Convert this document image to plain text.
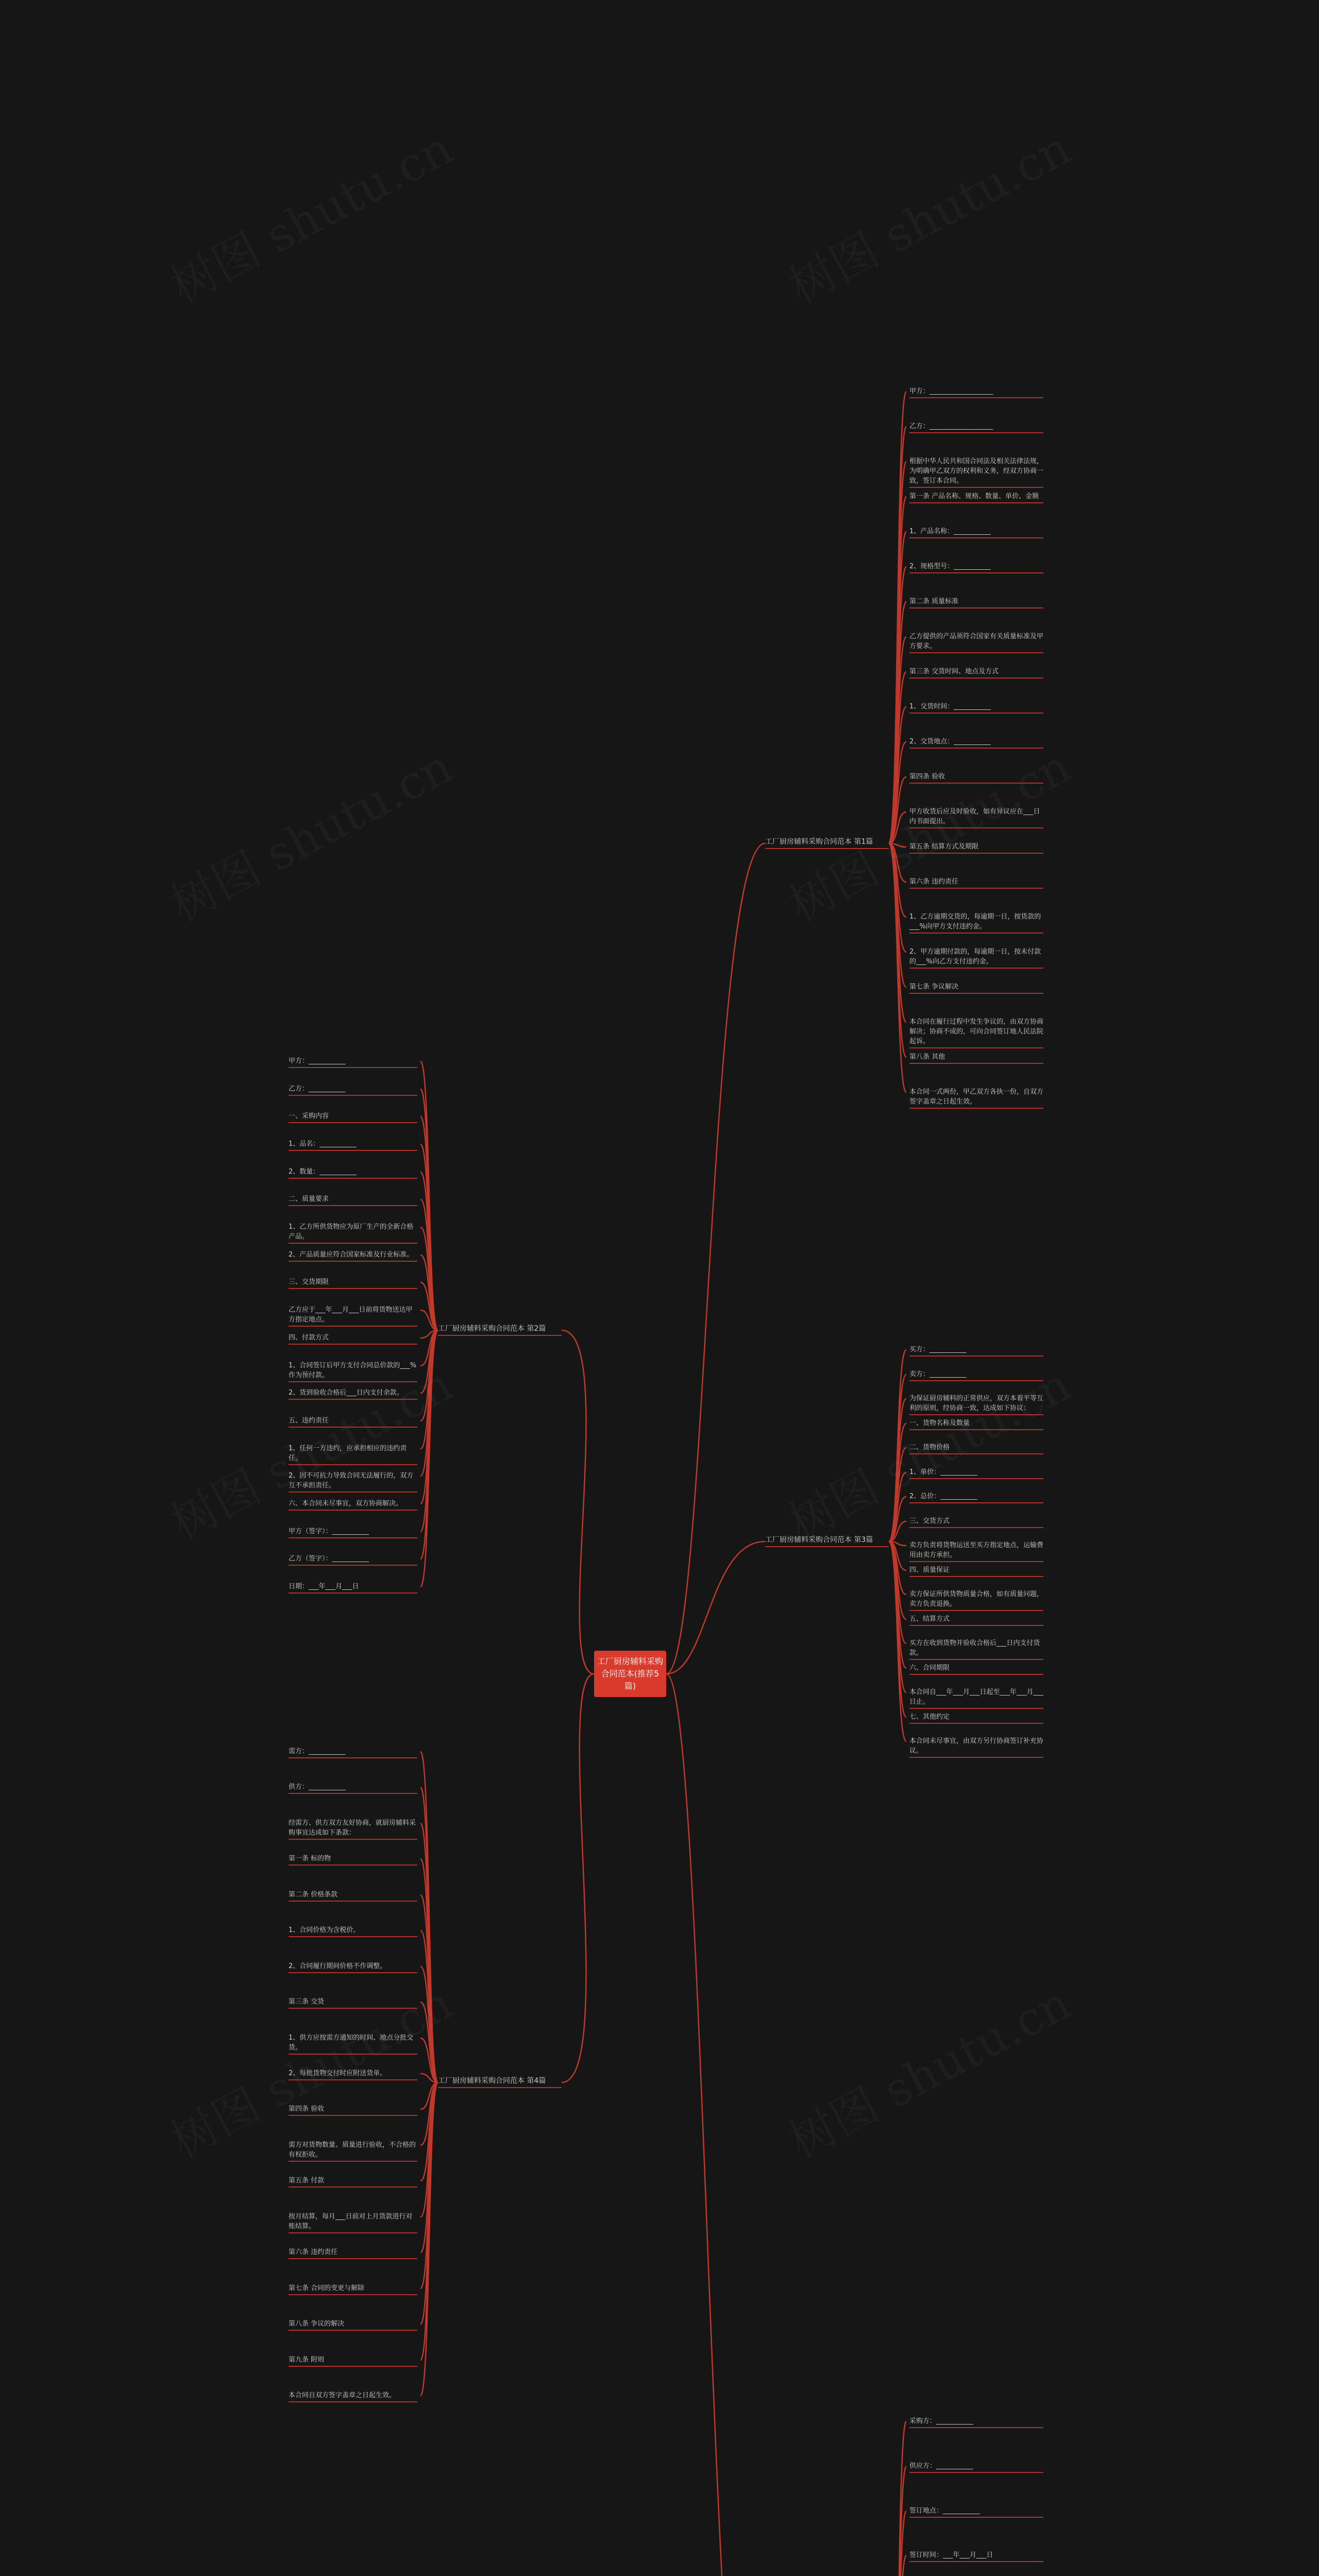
工厂厨房辅料采购合同范本(推荐5篇)
工厂厨房辅料采购合同范本 第1篇
甲方：___________________
乙方：___________________
根据中华人民共和国合同法及相关法律法规，为明确甲乙双方的权利和义务，经双方协商一致，签订本合同。
第一条 产品名称、规格、数量、单价、金额
1、产品名称：___________
2、规格型号：___________
第二条 质量标准
乙方提供的产品须符合国家有关质量标准及甲方要求。
第三条 交货时间、地点及方式
1、交货时间：___________
2、交货地点：___________
第四条 验收
甲方收货后应及时验收，如有异议应在___日内书面提出。
第五条 结算方式及期限
第六条 违约责任
1、乙方逾期交货的，每逾期一日，按货款的___%向甲方支付违约金。
2、甲方逾期付款的，每逾期一日，按未付款的___%向乙方支付违约金。
第七条 争议解决
本合同在履行过程中发生争议的，由双方协商解决；协商不成的，可向合同签订地人民法院起诉。
第八条 其他
本合同一式两份，甲乙双方各执一份，自双方签字盖章之日起生效。
工厂厨房辅料采购合同范本 第2篇
甲方：___________
乙方：___________
一、采购内容
1、品名：___________
2、数量：___________
二、质量要求
1、乙方所供货物应为原厂生产的全新合格产品。
2、产品质量应符合国家标准及行业标准。
三、交货期限
乙方应于___年___月___日前将货物送达甲方指定地点。
四、付款方式
1、合同签订后甲方支付合同总价款的___%作为预付款。
2、货到验收合格后___日内支付余款。
五、违约责任
1、任何一方违约，应承担相应的违约责任。
2、因不可抗力导致合同无法履行的，双方互不承担责任。
六、本合同未尽事宜，双方协商解决。
甲方（签字）：___________
乙方（签字）：___________
日期：___年___月___日
工厂厨房辅料采购合同范本 第3篇
买方：___________
卖方：___________
为保证厨房辅料的正常供应，双方本着平等互利的原则，经协商一致，达成如下协议：
一、货物名称及数量
二、货物价格
1、单价：___________
2、总价：___________
三、交货方式
卖方负责将货物运送至买方指定地点，运输费用由卖方承担。
四、质量保证
卖方保证所供货物质量合格，如有质量问题，卖方负责退换。
五、结算方式
买方在收到货物并验收合格后___日内支付货款。
六、合同期限
本合同自___年___月___日起至___年___月___日止。
七、其他约定
本合同未尽事宜，由双方另行协商签订补充协议。
工厂厨房辅料采购合同范本 第4篇
需方：___________
供方：___________
经需方、供方双方友好协商，就厨房辅料采购事宜达成如下条款：
第一条 标的物
第二条 价格条款
1、合同价格为含税价。
2、合同履行期间价格不作调整。
第三条 交货
1、供方应按需方通知的时间、地点分批交货。
2、每批货物交付时应附送货单。
第四条 验收
需方对货物数量、质量进行验收，不合格的有权拒收。
第五条 付款
按月结算，每月___日前对上月货款进行对账结算。
第六条 违约责任
第七条 合同的变更与解除
第八条 争议的解决
第九条 附则
本合同自双方签字盖章之日起生效。
采购方：___________
供应方：___________
签订地点：___________
签订时间：___年___月___日
